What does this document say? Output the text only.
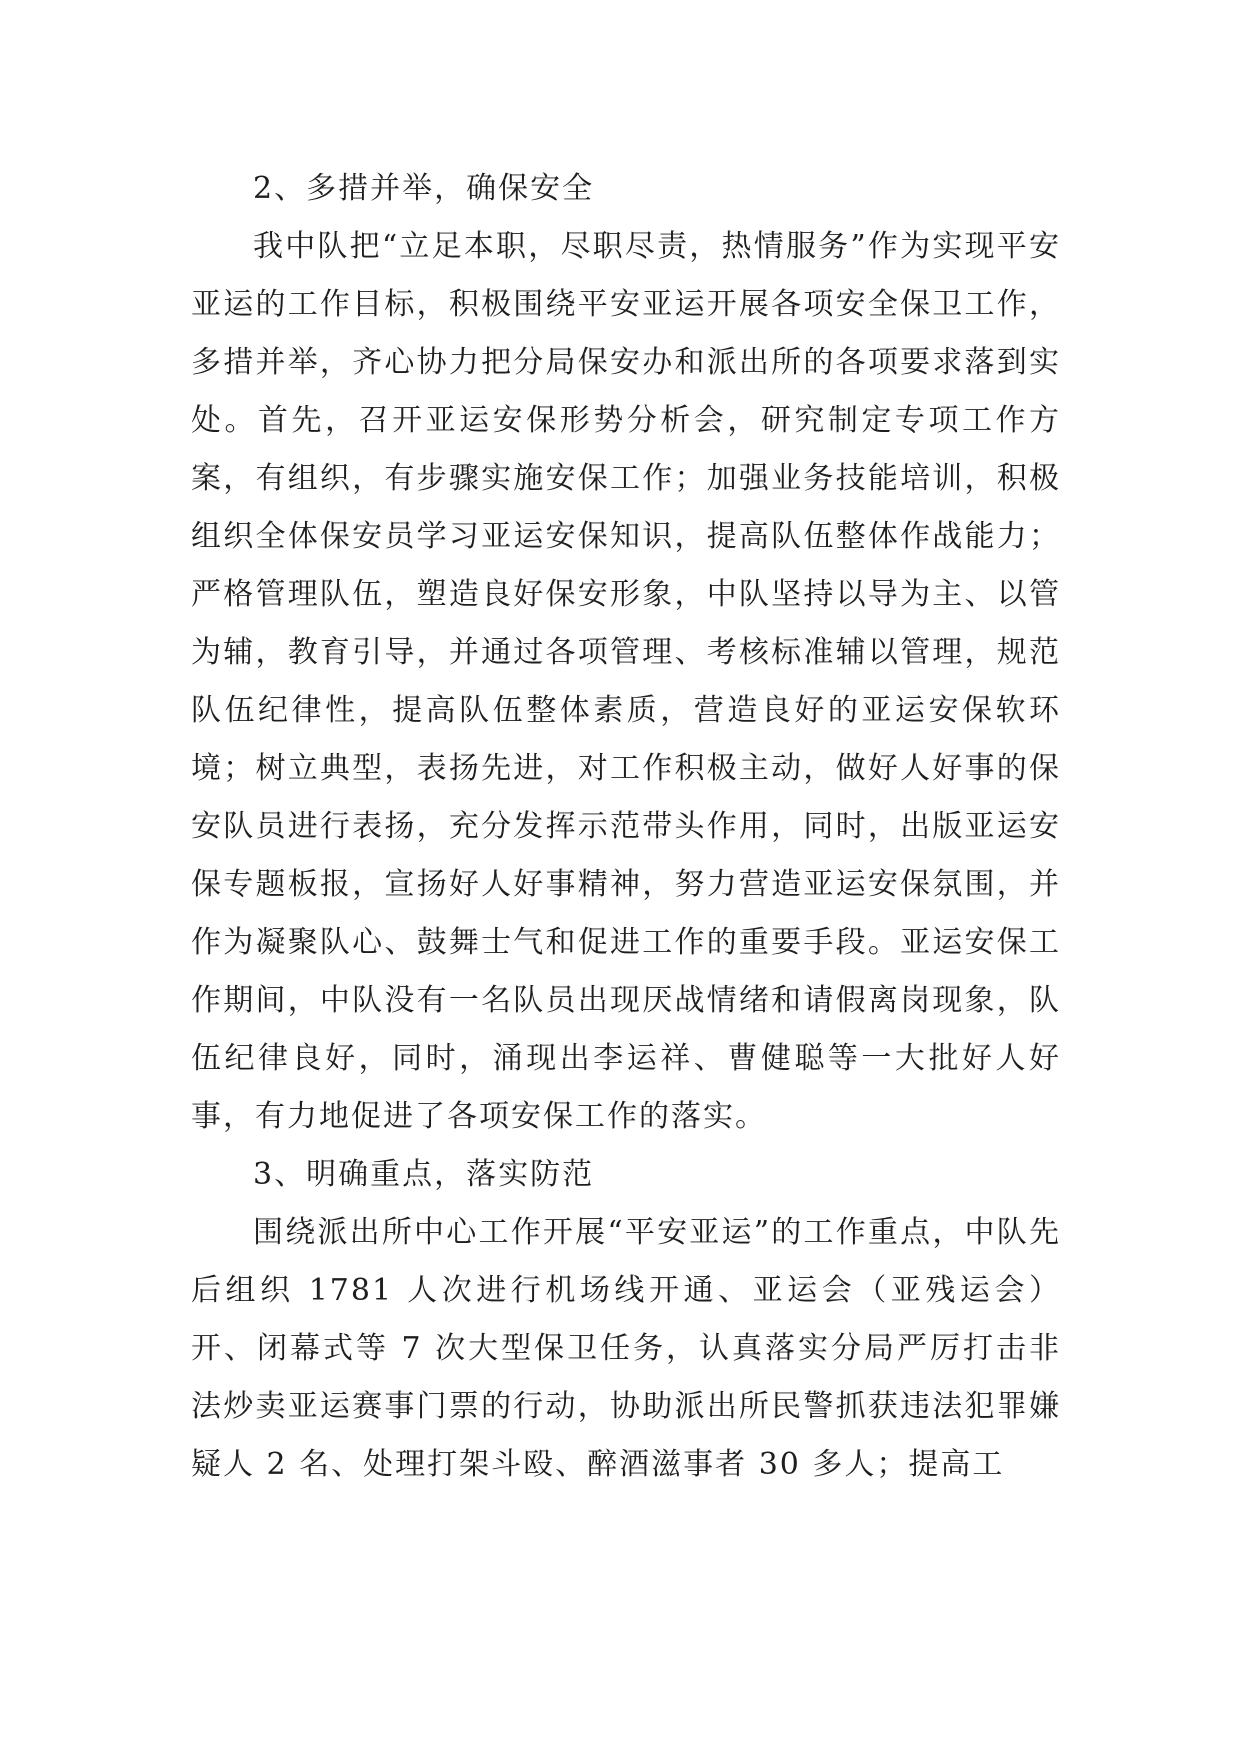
2、多措并举，确保安全

我中队把“立足本职，尽职尽责，热情服务”作为实现平安亚运的工作目标，积极围绕平安亚运开展各项安全保卫工作，多措并举，齐心协力把分局保安办和派出所的各项要求落到实处。首先，召开亚运安保形势分析会，研究制定专项工作方案，有组织，有步骤实施安保工作；加强业务技能培训，积极组织全体保安员学习亚运安保知识，提高队伍整体作战能力；严格管理队伍，塑造良好保安形象，中队坚持以导为主、以管为辅，教育引导，并通过各项管理、考核标准辅以管理，规范队伍纪律性，提高队伍整体素质，营造良好的亚运安保软环境；树立典型，表扬先进，对工作积极主动，做好人好事的保安队员进行表扬，充分发挥示范带头作用，同时，出版亚运安保专题板报，宣扬好人好事精神，努力营造亚运安保氛围，并作为凝聚队心、鼓舞士气和促进工作的重要手段。亚运安保工作期间，中队没有一名队员出现厌战情绪和请假离岗现象，队伍纪律良好，同时，涌现出李运祥、曹健聪等一大批好人好事，有力地促进了各项安保工作的落实。

3、明确重点，落实防范

围绕派出所中心工作开展“平安亚运”的工作重点，中队先后组织 1781 人次进行机场线开通、亚运会（亚残运会）开、闭幕式等 7 次大型保卫任务，认真落实分局严厉打击非法炒卖亚运赛事门票的行动，协助派出所民警抓获违法犯罪嫌疑人 2 名、处理打架斗殴、醉酒滋事者 30 多人；提高工
